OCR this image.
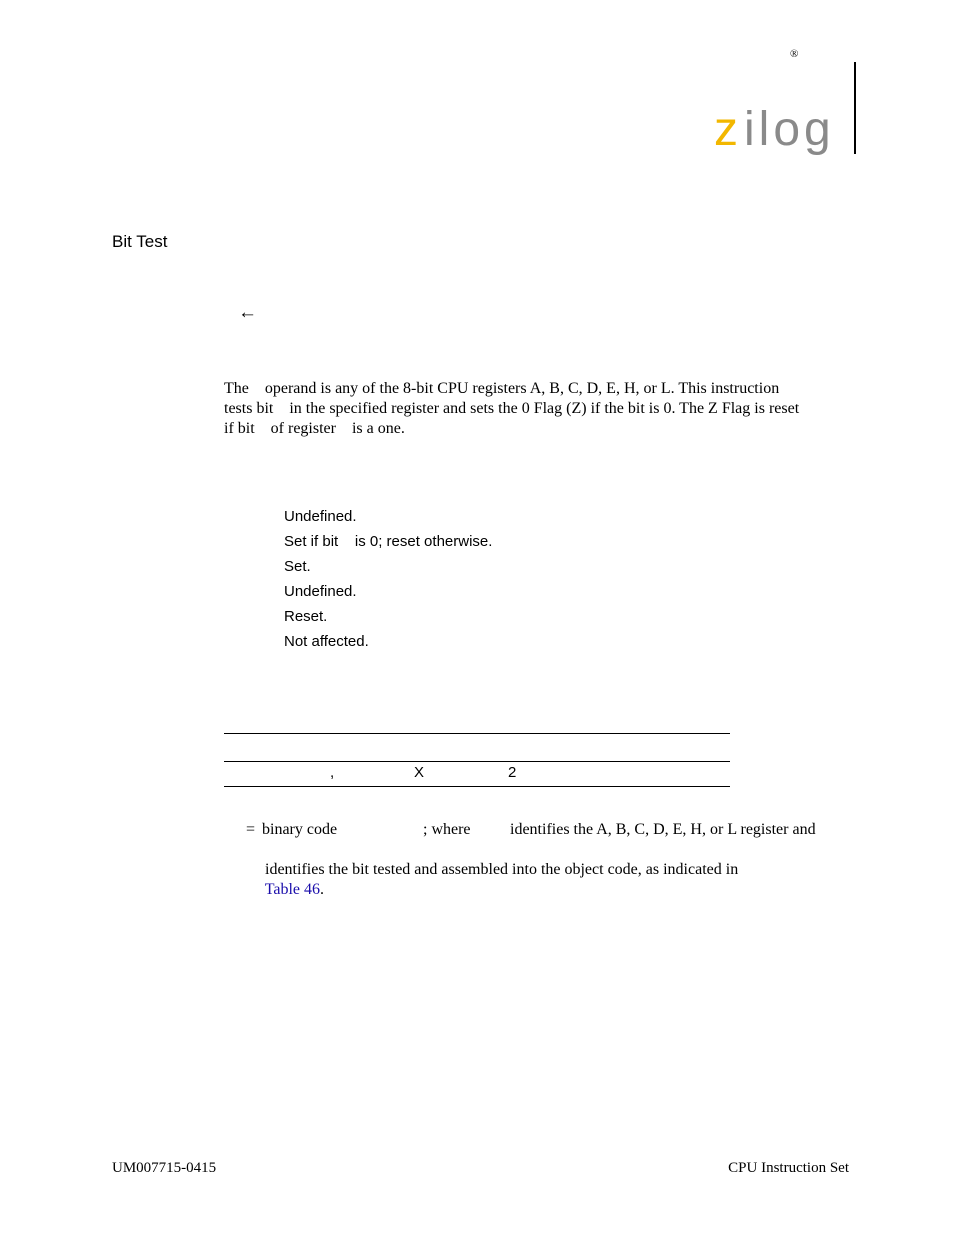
®
z ilog
Bit Test
←
The    operand is any of the 8-bit CPU registers A, B, C, D, E, H, or L. This instruction
tests bit    in the specified register and sets the 0 Flag (Z) if the bit is 0. The Z Flag is reset
if bit    of register    is a one.
Undefined.
Set if bit    is 0; reset otherwise.
Set.
Undefined.
Reset.
Not affected.
,	X	2
= binary code	; where identifies the A, B, C, D, E, H, or L register and

identifies the bit tested and assembled into the object code, as indicated in
Table 46.

UM007715-0415	CPU Instruction Set
